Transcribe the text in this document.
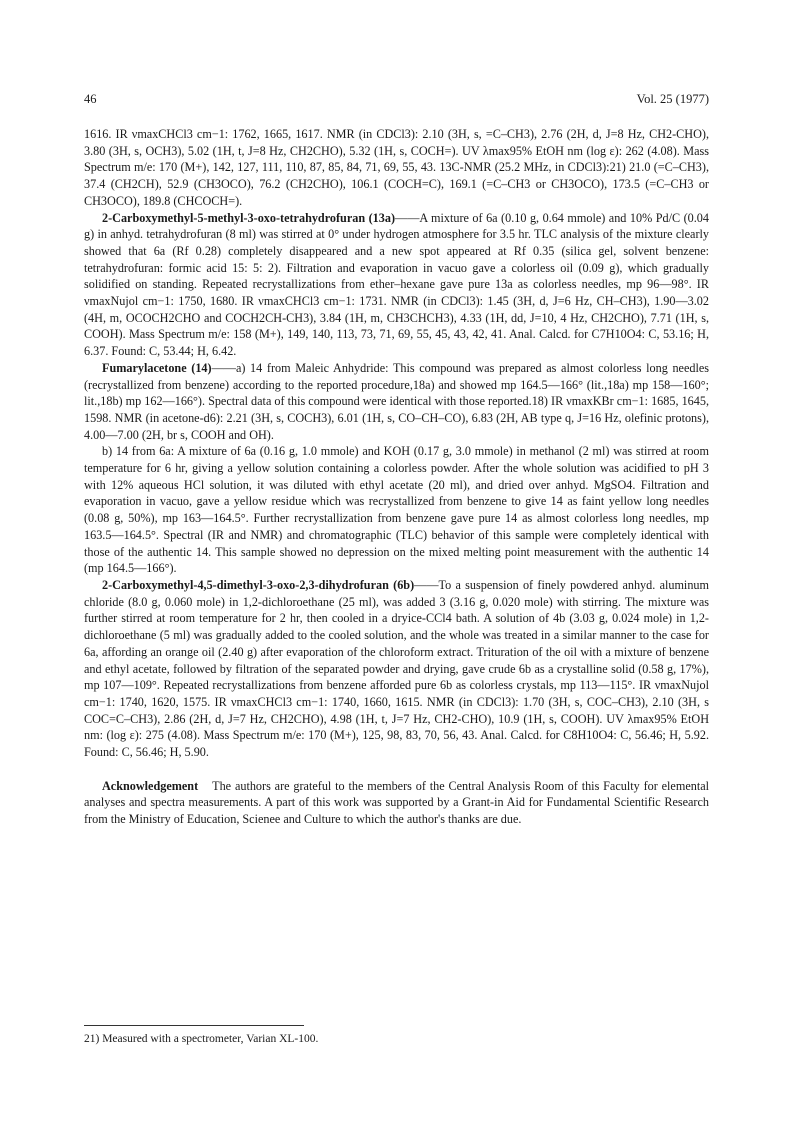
46	Vol. 25 (1977)

1616. IR νmaxCHCl3 cm−1: 1762, 1665, 1617. NMR (in CDCl3): 2.10 (3H, s, =C–CH3), 2.76 (2H, d, J=8 Hz, CH2-CHO), 3.80 (3H, s, OCH3), 5.02 (1H, t, J=8 Hz, CH2CHO), 5.32 (1H, s, COCH=). UV λmax95% EtOH nm (log ε): 262 (4.08). Mass Spectrum m/e: 170 (M+), 142, 127, 111, 110, 87, 85, 84, 71, 69, 55, 43. 13C-NMR (25.2 MHz, in CDCl3):21) 21.0 (=C–CH3), 37.4 (CH2CH), 52.9 (CH3OCO), 76.2 (CH2CHO), 106.1 (COCH=C), 169.1 (=C–CH3 or CH3OCO), 173.5 (=C–CH3 or CH3OCO), 189.8 (CHCOCH=).

2-Carboxymethyl-5-methyl-3-oxo-tetrahydrofuran (13a)——A mixture of 6a (0.10 g, 0.64 mmole) and 10% Pd/C (0.04 g) in anhyd. tetrahydrofuran (8 ml) was stirred at 0° under hydrogen atmosphere for 3.5 hr. TLC analysis of the mixture clearly showed that 6a (Rf 0.28) completely disappeared and a new spot appeared at Rf 0.35 (silica gel, solvent benzene: tetrahydrofuran: formic acid 15: 5: 2). Filtration and evaporation in vacuo gave a colorless oil (0.09 g), which gradually solidified on standing. Repeated recrystallizations from ether–hexane gave pure 13a as colorless needles, mp 96—98°. IR νmaxNujol cm−1: 1750, 1680. IR νmaxCHCl3 cm−1: 1731. NMR (in CDCl3): 1.45 (3H, d, J=6 Hz, CH–CH3), 1.90—3.02 (4H, m, OCOCH2CHO and COCH2CH-CH3), 3.84 (1H, m, CH3CHCH3), 4.33 (1H, dd, J=10, 4 Hz, CH2CHO), 7.71 (1H, s, COOH). Mass Spectrum m/e: 158 (M+), 149, 140, 113, 73, 71, 69, 55, 45, 43, 42, 41. Anal. Calcd. for C7H10O4: C, 53.16; H, 6.37. Found: C, 53.44; H, 6.42.

Fumarylacetone (14)——a) 14 from Maleic Anhydride: This compound was prepared as almost colorless long needles (recrystallized from benzene) according to the reported procedure,18a) and showed mp 164.5—166° (lit.,18a) mp 158—160°; lit.,18b) mp 162—166°). Spectral data of this compound were identical with those reported.18) IR νmaxKBr cm−1: 1685, 1645, 1598. NMR (in acetone-d6): 2.21 (3H, s, COCH3), 6.01 (1H, s, CO–CH–CO), 6.83 (2H, AB type q, J=16 Hz, olefinic protons), 4.00—7.00 (2H, br s, COOH and OH).

b) 14 from 6a: A mixture of 6a (0.16 g, 1.0 mmole) and KOH (0.17 g, 3.0 mmole) in methanol (2 ml) was stirred at room temperature for 6 hr, giving a yellow solution containing a colorless powder. After the whole solution was acidified to pH 3 with 12% aqueous HCl solution, it was diluted with ethyl acetate (20 ml), and dried over anhyd. MgSO4. Filtration and evaporation in vacuo, gave a yellow residue which was recrystallized from benzene to give 14 as faint yellow long needles (0.08 g, 50%), mp 163—164.5°. Further recrystallization from benzene gave pure 14 as almost colorless long needles, mp 163.5—164.5°. Spectral (IR and NMR) and chromatographic (TLC) behavior of this sample were completely identical with those of the authentic 14. This sample showed no depression on the mixed melting point measurement with the authentic 14 (mp 164.5—166°).

2-Carboxymethyl-4,5-dimethyl-3-oxo-2,3-dihydrofuran (6b)——To a suspension of finely powdered anhyd. aluminum chloride (8.0 g, 0.060 mole) in 1,2-dichloroethane (25 ml), was added 3 (3.16 g, 0.020 mole) with stirring. The mixture was further stirred at room temperature for 2 hr, then cooled in a dryice-CCl4 bath. A solution of 4b (3.03 g, 0.024 mole) in 1,2-dichloroethane (5 ml) was gradually added to the cooled solution, and the whole was treated in a similar manner to the case for 6a, affording an orange oil (2.40 g) after evaporation of the chloroform extract. Trituration of the oil with a mixture of benzene and ethyl acetate, followed by filtration of the separated powder and drying, gave crude 6b as a crystalline solid (0.58 g, 17%), mp 107—109°. Repeated recrystallizations from benzene afforded pure 6b as colorless crystals, mp 113—115°. IR νmaxNujol cm−1: 1740, 1620, 1575. IR νmaxCHCl3 cm−1: 1740, 1660, 1615. NMR (in CDCl3): 1.70 (3H, s, COC–CH3), 2.10 (3H, s COC=C–CH3), 2.86 (2H, d, J=7 Hz, CH2CHO), 4.98 (1H, t, J=7 Hz, CH2-CHO), 10.9 (1H, s, COOH). UV λmax95% EtOH nm: (log ε): 275 (4.08). Mass Spectrum m/e: 170 (M+), 125, 98, 83, 70, 56, 43. Anal. Calcd. for C8H10O4: C, 56.46; H, 5.92. Found: C, 56.46; H, 5.90.

Acknowledgement The authors are grateful to the members of the Central Analysis Room of this Faculty for elemental analyses and spectra measurements. A part of this work was supported by a Grant-in Aid for Fundamental Scientific Research from the Ministry of Education, Scienee and Culture to which the author's thanks are due.

21) Measured with a spectrometer, Varian XL-100.
